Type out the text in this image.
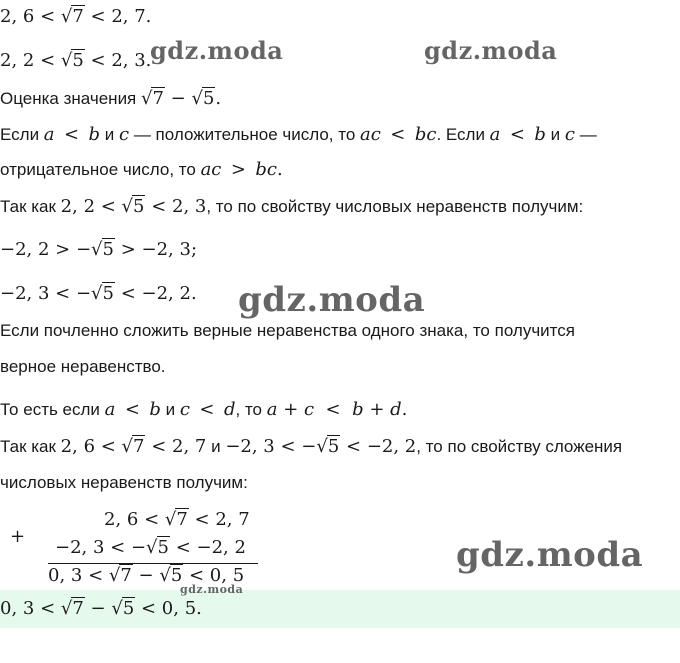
2, 6 < √7 < 2, 7.
2, 2 < √5 < 2, 3.
Оценка значения √7 − √5.
Если a < b и c — положительное число, то ac < bc. Если a < b и c —
отрицательное число, то ac > bc.
Так как 2, 2 < √5 < 2, 3, то по свойству числовых неравенств получим:
−2, 2 > −√5 > −2, 3;
−2, 3 < −√5 < −2, 2.
Если почленно сложить верные неравенства одного знака, то получится
верное неравенство.
То есть если a < b и c < d, то a + c  <  b + d.
Так как 2, 6 < √7 < 2, 7 и −2, 3 < −√5 < −2, 2, то по свойству сложения
числовых неравенств получим:
+
2, 6 < √7 < 2, 7
−2, 3 < −√5 < −2, 2
0, 3 < √7 − √5 < 0, 5
0, 3 < √7 − √5 < 0, 5.
gdz.moda	gdz.moda
gdz.moda
gdz.moda
gdz.moda
